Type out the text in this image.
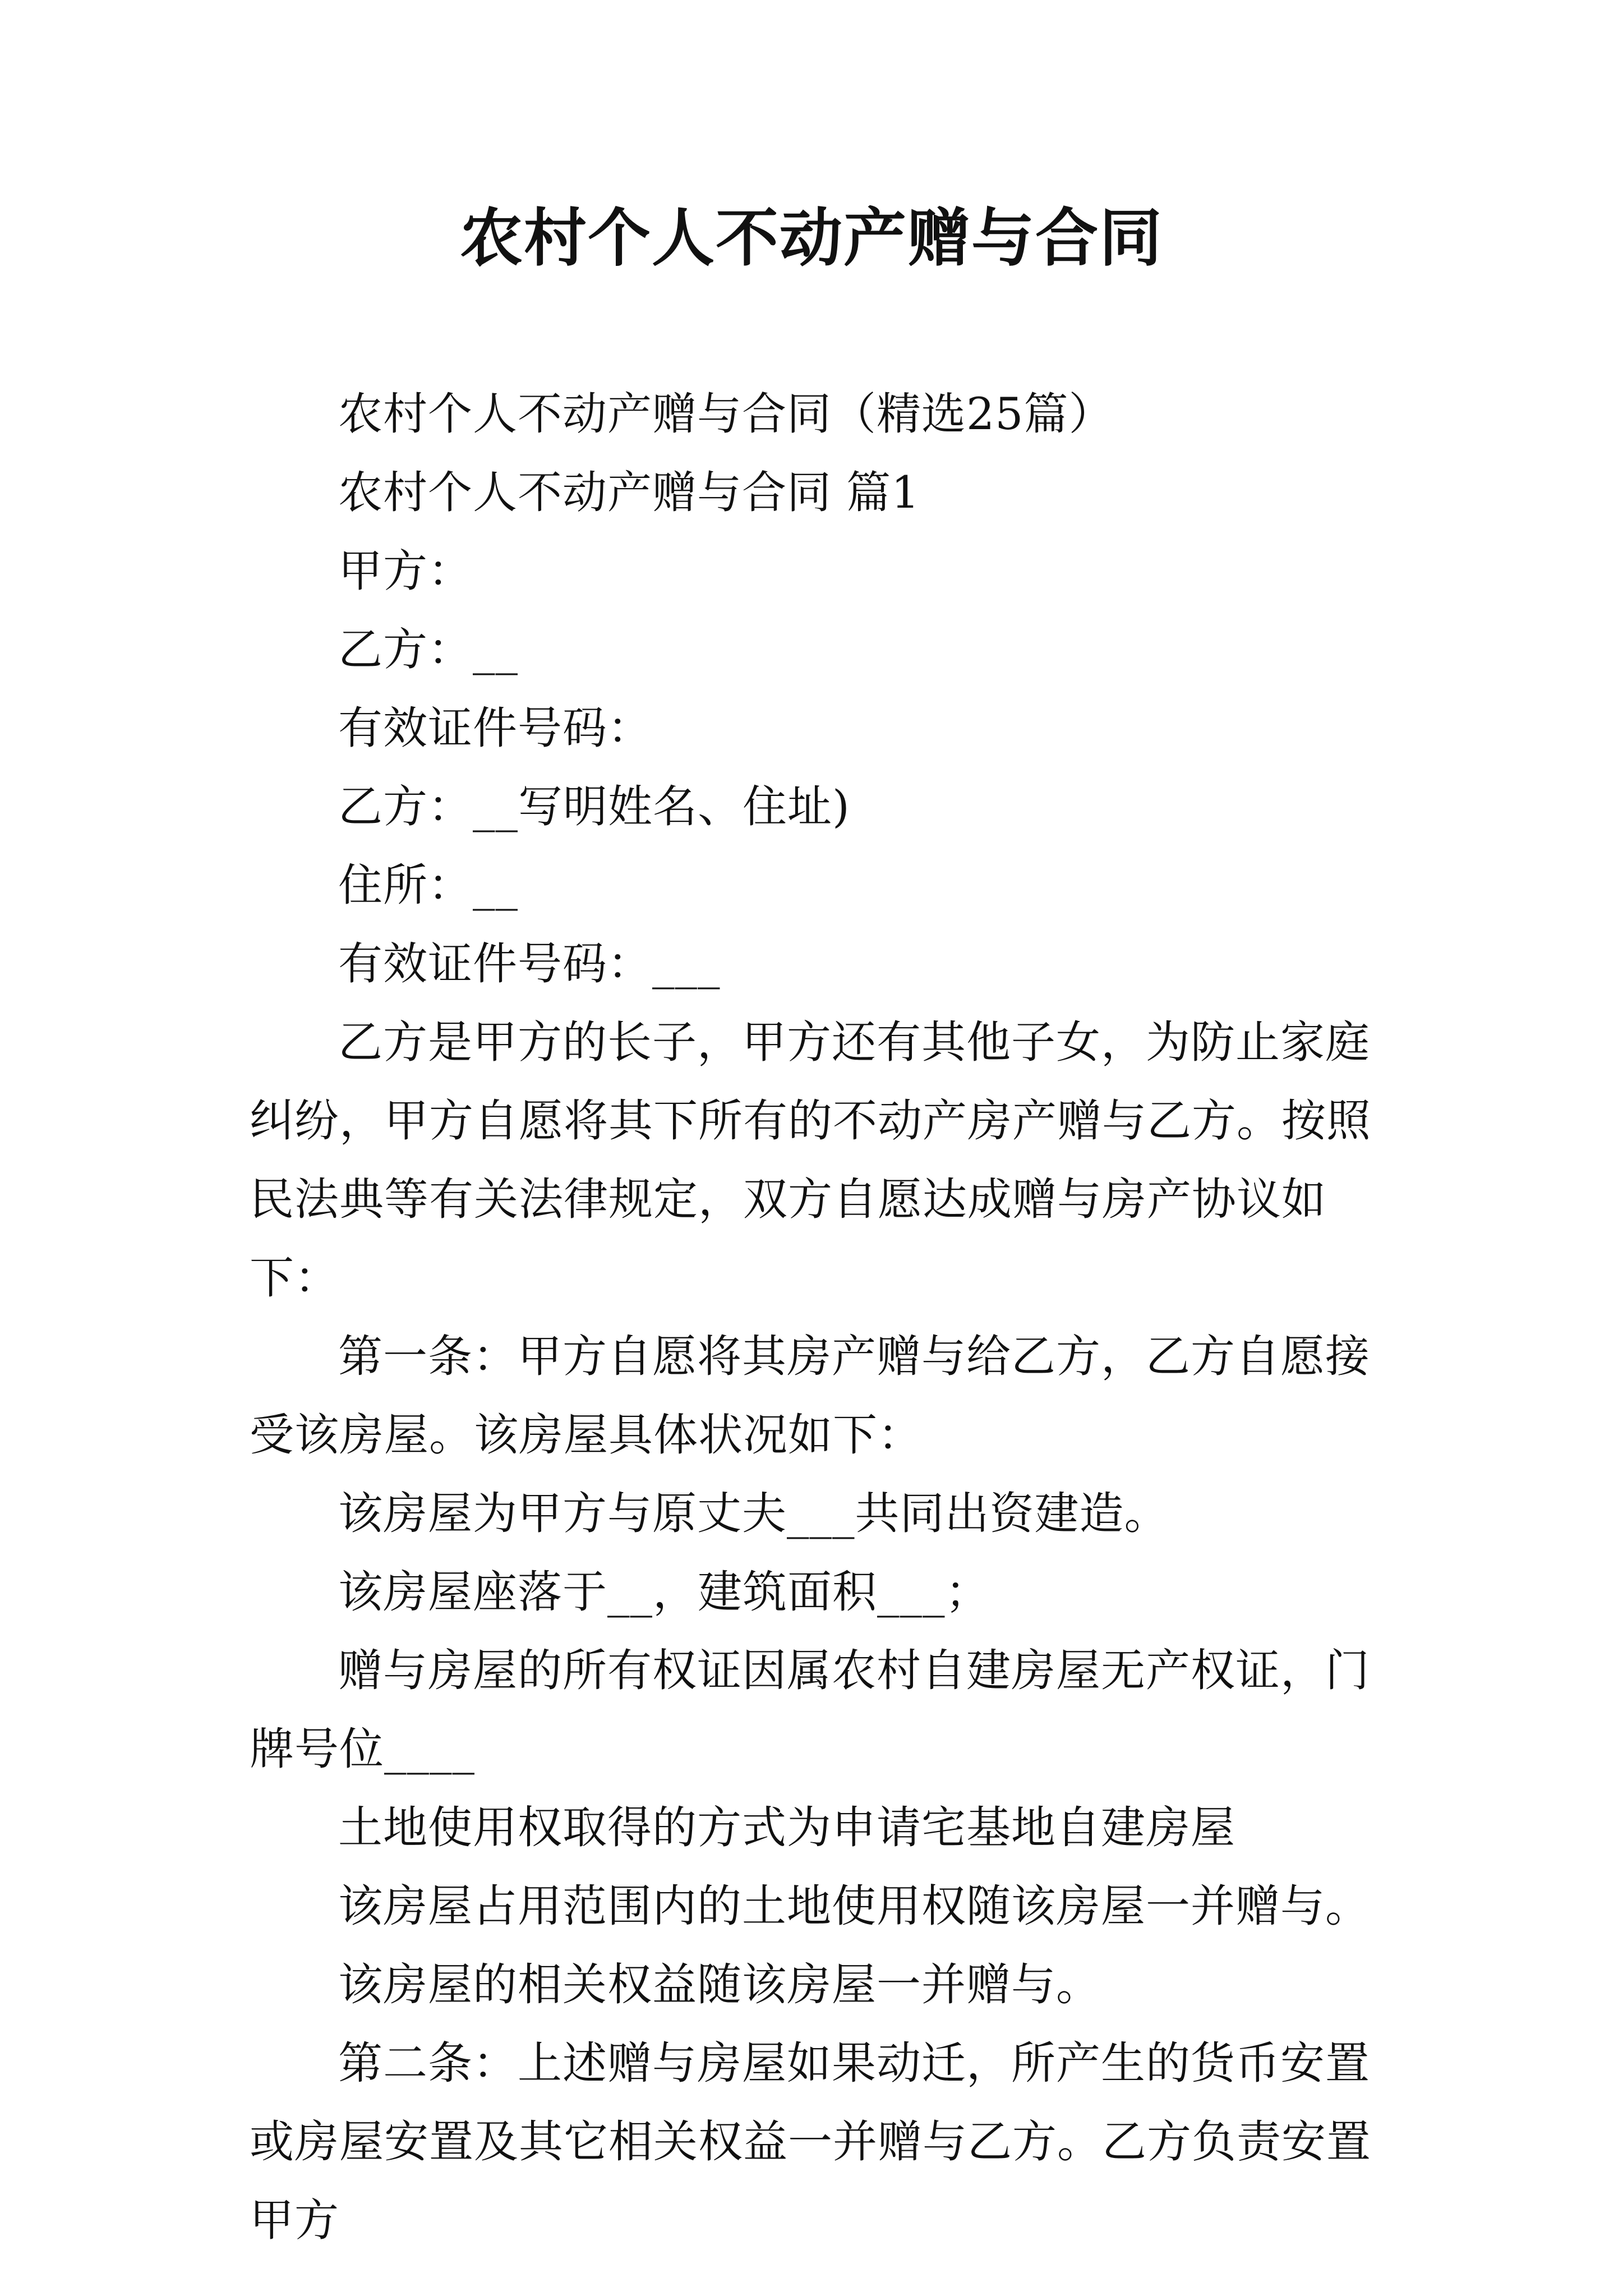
农村个人不动产赠与合同

农村个人不动产赠与合同（精选25篇）

农村个人不动产赠与合同 篇1

甲方：

乙方：__

有效证件号码：

乙方：__写明姓名、住址)

住所：__

有效证件号码：___

乙方是甲方的长子，甲方还有其他子女，为防止家庭纠纷，甲方自愿将其下所有的不动产房产赠与乙方。按照民法典等有关法律规定，双方自愿达成赠与房产协议如下：

第一条：甲方自愿将其房产赠与给乙方，乙方自愿接受该房屋。该房屋具体状况如下：

该房屋为甲方与原丈夫___共同出资建造。

该房屋座落于__，建筑面积___；

赠与房屋的所有权证因属农村自建房屋无产权证，门牌号位____

土地使用权取得的方式为申请宅基地自建房屋

该房屋占用范围内的土地使用权随该房屋一并赠与。

该房屋的相关权益随该房屋一并赠与。

第二条：上述赠与房屋如果动迁，所产生的货币安置或房屋安置及其它相关权益一并赠与乙方。乙方负责安置甲方
